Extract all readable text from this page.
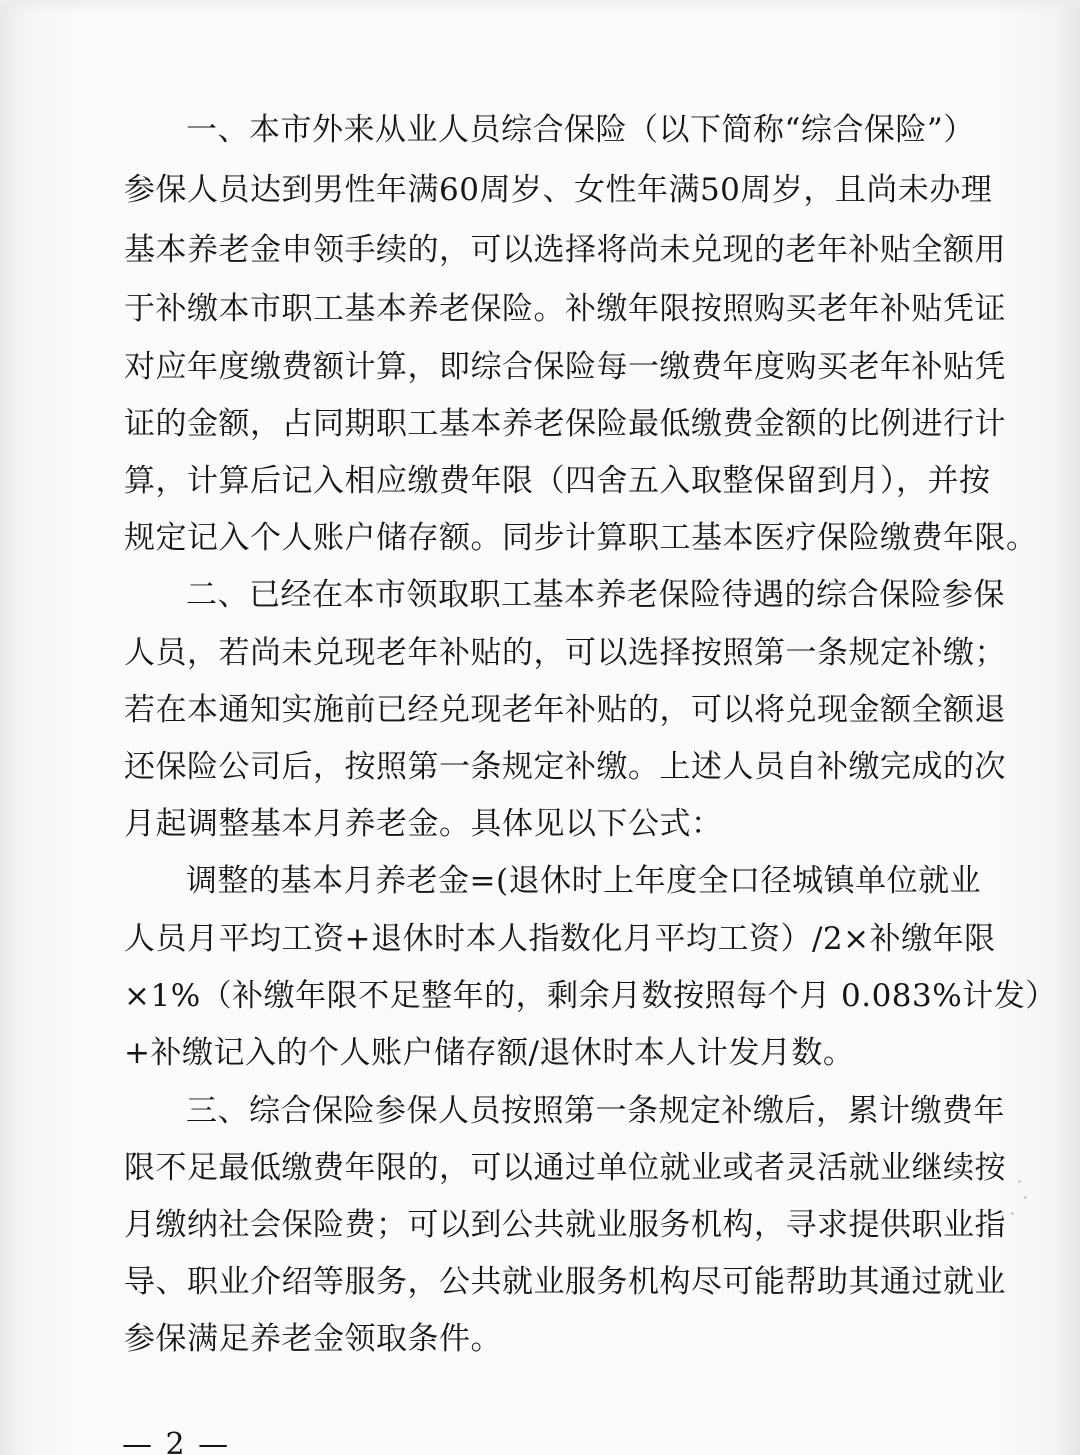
一、本市外来从业人员综合保险（以下简称“综合保险”）

参保人员达到男性年满60周岁、女性年满50周岁，且尚未办理

基本养老金申领手续的，可以选择将尚未兑现的老年补贴全额用

于补缴本市职工基本养老保险。补缴年限按照购买老年补贴凭证

对应年度缴费额计算，即综合保险每一缴费年度购买老年补贴凭

证的金额，占同期职工基本养老保险最低缴费金额的比例进行计

算，计算后记入相应缴费年限（四舍五入取整保留到月），并按

规定记入个人账户储存额。同步计算职工基本医疗保险缴费年限。

二、已经在本市领取职工基本养老保险待遇的综合保险参保

人员，若尚未兑现老年补贴的，可以选择按照第一条规定补缴；

若在本通知实施前已经兑现老年补贴的，可以将兑现金额全额退

还保险公司后，按照第一条规定补缴。上述人员自补缴完成的次

月起调整基本月养老金。具体见以下公式：

调整的基本月养老金=(退休时上年度全口径城镇单位就业

人员月平均工资+退休时本人指数化月平均工资）/2×补缴年限

×1%（补缴年限不足整年的，剩余月数按照每个月 0.083%计发）

+补缴记入的个人账户储存额/退休时本人计发月数。

三、综合保险参保人员按照第一条规定补缴后，累计缴费年

限不足最低缴费年限的，可以通过单位就业或者灵活就业继续按

月缴纳社会保险费；可以到公共就业服务机构，寻求提供职业指

导、职业介绍等服务，公共就业服务机构尽可能帮助其通过就业

参保满足养老金领取条件。

— 2 —
